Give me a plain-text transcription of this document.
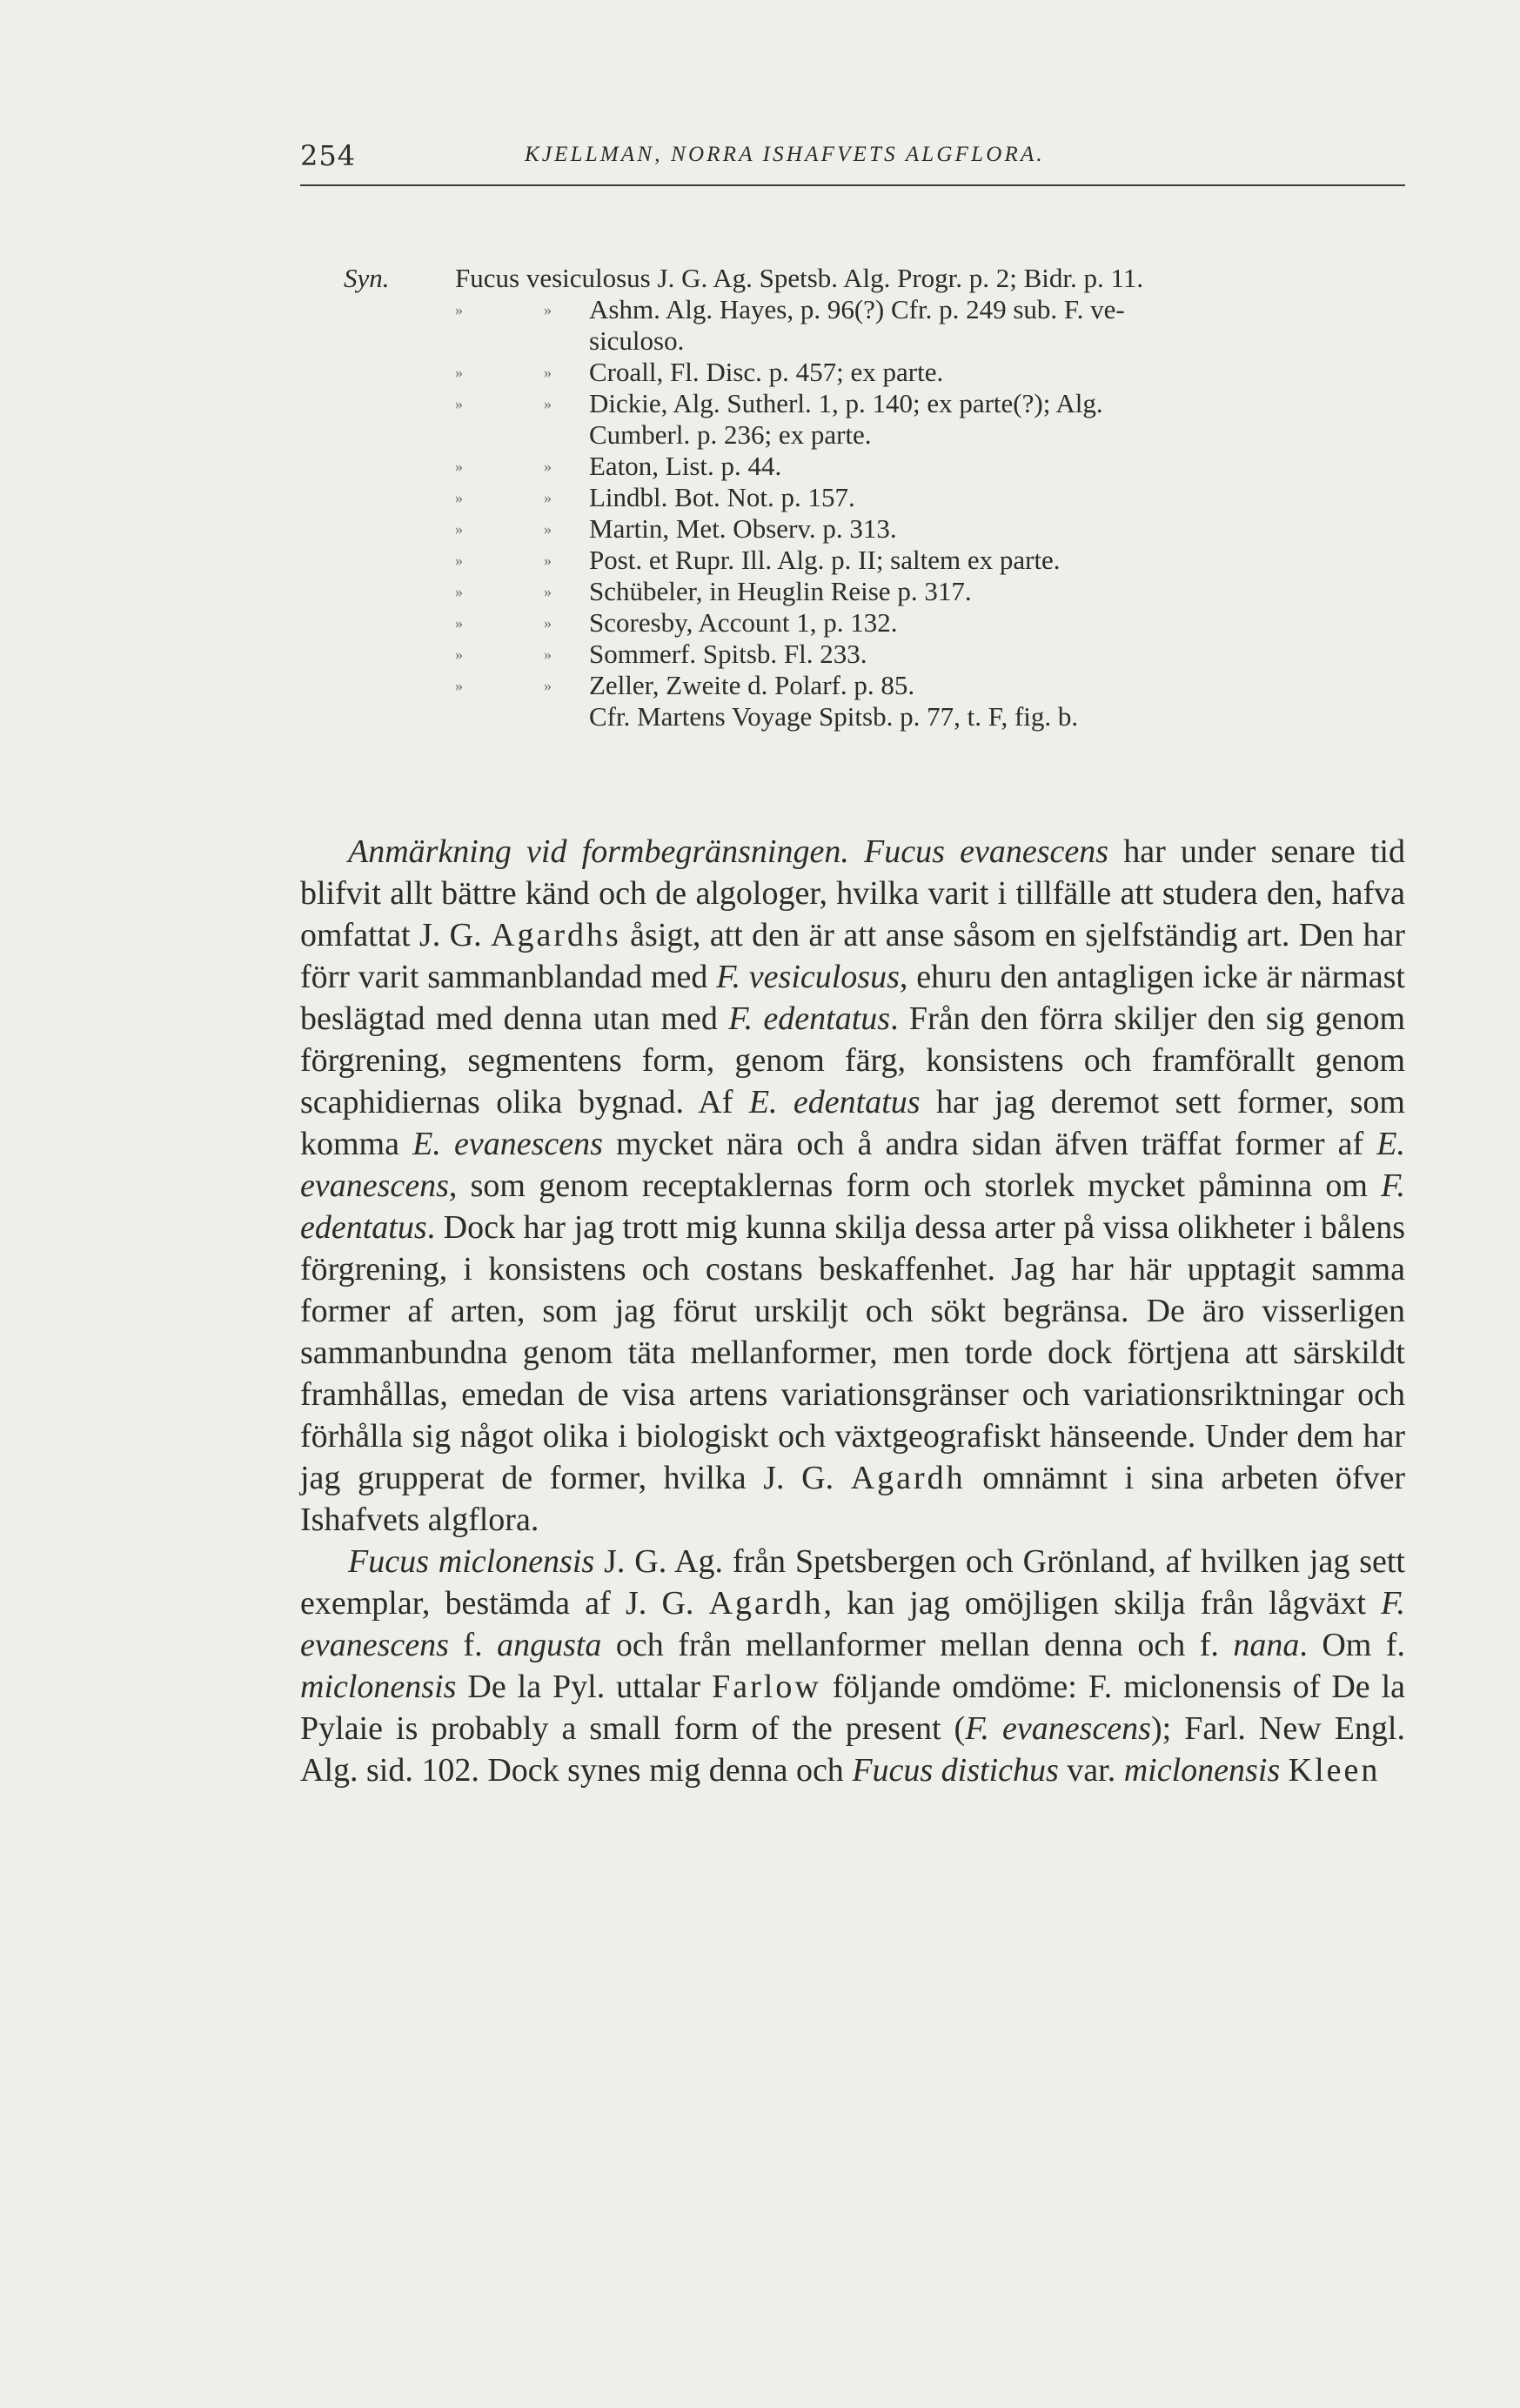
254	KJELLMAN, NORRA ISHAFVETS ALGFLORA.
Syn. Fucus vesiculosus J. G. Ag. Spetsb. Alg. Progr. p. 2; Bidr. p. 11.
»	» Ashm. Alg. Hayes, p. 96(?) Cfr. p. 249 sub. F. ve-
siculoso.
»	» Croall, Fl. Disc. p. 457; ex parte.
»	» Dickie, Alg. Sutherl. 1, p. 140; ex parte(?); Alg.
Cumberl. p. 236; ex parte.
»	» Eaton, List. p. 44.
»	» Lindbl. Bot. Not. p. 157.
»	» Martin, Met. Observ. p. 313.
»	» Post. et Rupr. Ill. Alg. p. II; saltem ex parte.
»	» Schübeler, in Heuglin Reise p. 317.
»	» Scoresby, Account 1, p. 132.
»	» Sommerf. Spitsb. Fl. 233.
»	» Zeller, Zweite d. Polarf. p. 85.
Cfr. Martens Voyage Spitsb. p. 77, t. F, fig. b.

Anmärkning vid formbegränsningen. Fucus evanescens har under senare tid blifvit allt bättre känd och de algologer, hvilka varit i tillfälle att studera den, hafva omfattat J. G. Agardhs åsigt, att den är att anse såsom en sjelfständig art. Den har förr varit sammanblandad med F. vesiculosus, ehuru den antagligen icke är närmast beslägtad med denna utan med F. edentatus. Från den förra skiljer den sig genom förgrening, segmentens form, genom färg, konsistens och framförallt genom scaphidiernas olika bygnad. Af E. edentatus har jag deremot sett former, som komma E. evanescens mycket nära och å andra sidan äfven träffat former af E. evanescens, som genom receptaklernas form och storlek mycket påminna om F. edentatus. Dock har jag trott mig kunna skilja dessa arter på vissa olikheter i bålens förgrening, i konsistens och costans beskaffenhet. Jag har här upptagit samma former af arten, som jag förut urskiljt och sökt begränsa. De äro visserligen sammanbundna genom täta mellanformer, men torde dock förtjena att särskildt framhållas, emedan de visa artens variationsgränser och variationsriktningar och förhålla sig något olika i biologiskt och växtgeografiskt hänseende. Under dem har jag grupperat de former, hvilka J. G. Agardh omnämnt i sina arbeten öfver Ishafvets algflora.

Fucus miclonensis J. G. Ag. från Spetsbergen och Grönland, af hvilken jag sett exemplar, bestämda af J. G. Agardh, kan jag omöjligen skilja från lågväxt F. evanescens f. angusta och från mellanformer mellan denna och f. nana. Om f. miclonensis De la Pyl. uttalar Farlow följande omdöme: F. miclonensis of De la Pylaie is probably a small form of the present (F. evanescens); Farl. New Engl. Alg. sid. 102. Dock synes mig denna och Fucus distichus var. miclonensis Kleen
